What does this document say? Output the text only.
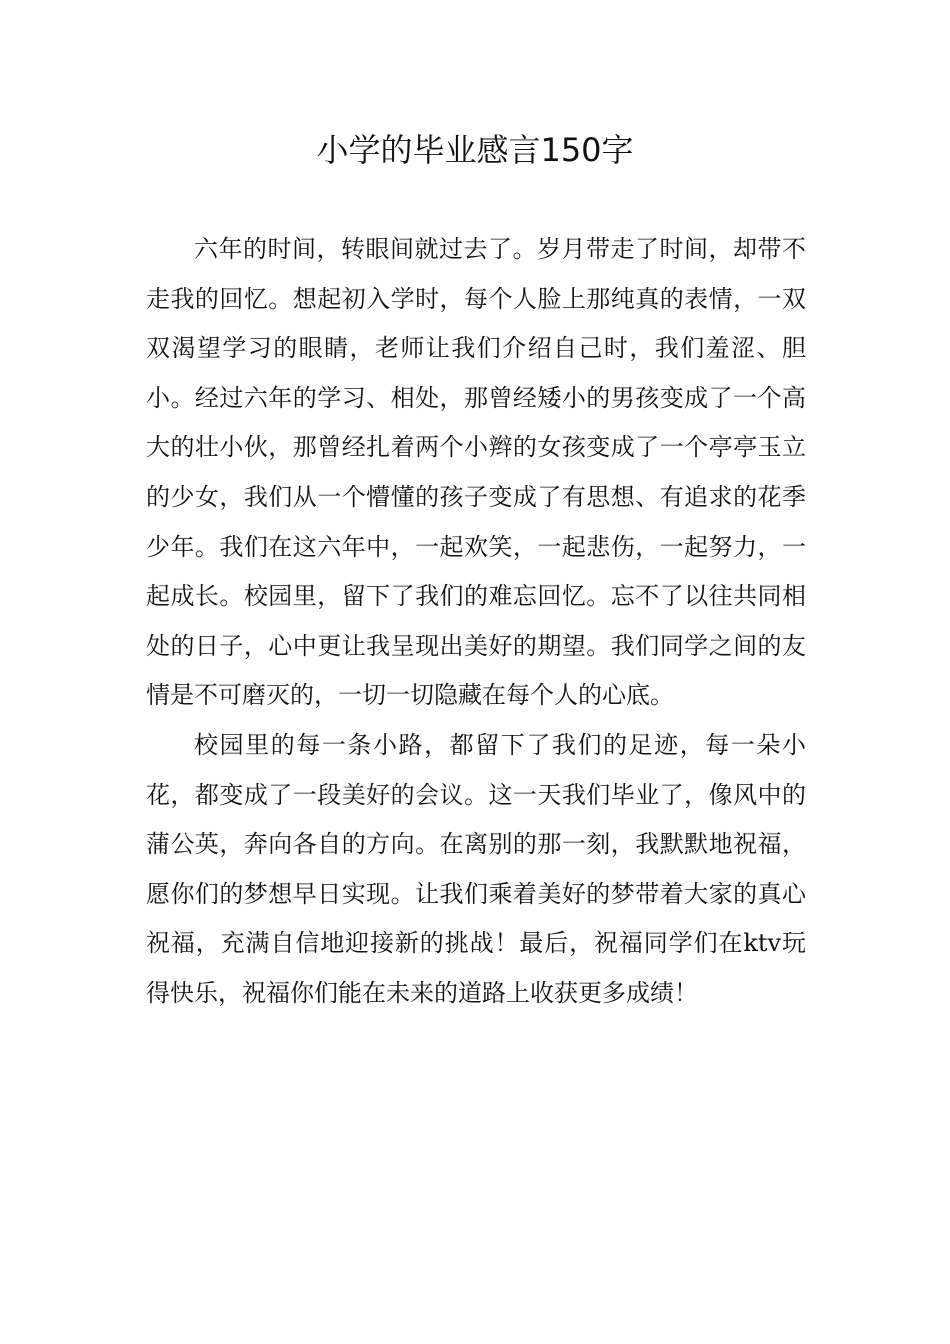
小学的毕业感言150字

六年的时间，转眼间就过去了。岁月带走了时间，却带不走我的回忆。想起初入学时，每个人脸上那纯真的表情，一双双渴望学习的眼睛，老师让我们介绍自己时，我们羞涩、胆小。经过六年的学习、相处，那曾经矮小的男孩变成了一个高大的壮小伙，那曾经扎着两个小辫的女孩变成了一个亭亭玉立的少女，我们从一个懵懂的孩子变成了有思想、有追求的花季少年。我们在这六年中，一起欢笑，一起悲伤，一起努力，一起成长。校园里，留下了我们的难忘回忆。忘不了以往共同相处的日子，心中更让我呈现出美好的期望。我们同学之间的友情是不可磨灭的，一切一切隐藏在每个人的心底。

校园里的每一条小路，都留下了我们的足迹，每一朵小花，都变成了一段美好的会议。这一天我们毕业了，像风中的蒲公英，奔向各自的方向。在离别的那一刻，我默默地祝福，愿你们的梦想早日实现。让我们乘着美好的梦带着大家的真心祝福，充满自信地迎接新的挑战！最后，祝福同学们在ktv玩得快乐，祝福你们能在未来的道路上收获更多成绩！
